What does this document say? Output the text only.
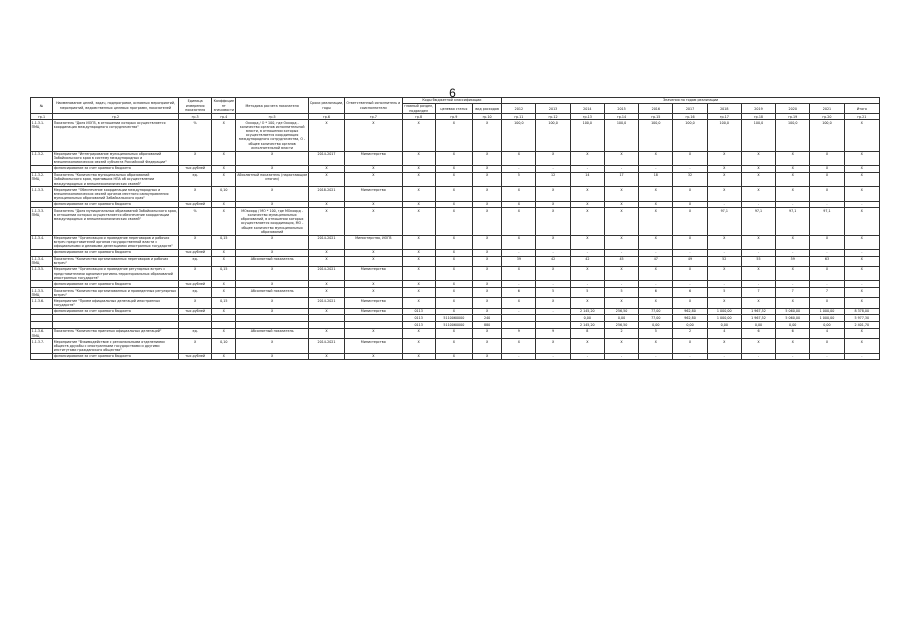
6
№	Наименование целей, задач, подпрограмм, основных мероприятий, мероприятий, ведомственных целевых программ, показателей	Единица измерения показателя	Коэффициент значимости	Методика расчета показателя	Сроки реализации, годы	Ответственный исполнитель и соисполнители	Коды бюджетной классификации			Значения по годам реализации										
							главный раздел, подраздел	целевая статья	вид расходов	2012	2013	2014	2015	2016	2017	2018	2019	2020	2021	Итого
гр.1	гр.2	гр.3	гр.4	гр.5	гр.6	гр.7	гр.8	гр.9	гр.10	гр.11	гр.12	гр.13	гр.14	гр.15	гр.16	гр.17	гр.18	гр.19	гр.20	гр.21
1.1.3.1. ПМЦ	Показатель "Доля ИОГВ, в отношении которых осуществляется координация международного сотрудничества"	%	X	Оккорд / О * 100, где Оккорд - количество органов исполнительной власти, в отношении которых осуществляется координация международного сотрудничества, О - общее количество органов исполнительной власти	X	X	X	X	X	100,0	100,0	100,0	100,0	100,0	100,0	100,0	100,0	100,0	100,0	X
1.1.3.2.	Мероприятие "Интегрирование муниципальных образований Забайкальского края в систему международных и внешнеэкономических связей субъекта Российской Федерации"	X	X	X	2014-2017	Министерство	X	X	X	X	X	X	X	X	X	X	X	X	X	X
	финансирование за счет краевого бюджета	тыс.рублей	X	X	X	X	X	X	X	-	-	-	-	-	-	X	X	X	X	X
1.1.3.2. ПМЦ	Показатель "Количество муниципальных образований Забайкальского края, принявших НПА об осуществлении международных и внешнеэкономических связей"	ед.	X	Абсолютный показатель (нарастающим итогом)	X	X	X	X	X	5	12	14	17	18	32	X	X	X	X	X
1.1.3.3.	Мероприятие "Обеспечение координации международных и внешнеэкономических связей органов местного самоуправления муниципальных образований Забайкальского края"	X	0,10	X	2018-2021	Министерство	X	X	X	X	X	X	X	X	X	X	X	X	X	X
	финансирование за счет краевого бюджета	тыс.рублей	X	X	X	X	X	X	X	X	X	X	X	X	X	-	-	-	-	-
1.1.3.3. ПМЦ	Показатель "Доля муниципальных образований Забайкальского края, в отношении которых осуществляется обеспечение координации международных и внешнеэкономических связей"	%	X	МОкоорд / МО * 100, где МОкоорд - количество муниципальных образований, в отношении которых осуществляется координация, МО - общее количество муниципальных образований	X	X	X	X	X	X	X	X	X	X	X	97,1	97,1	97,1	97,1	X
1.1.3.4.	Мероприятие "Организация и проведение переговоров и рабочих встреч представителей органов государственной власти с официальными и деловыми делегациями иностранных государств"	X	0,15	X	2014-2021	Министерство, ИОГВ	X	X	X	X	X	X	X	X	X	X	X	X	X	X
	финансирование за счет краевого бюджета	тыс.рублей	X	X	X	X	X	X	X	-	-	-	-	-	-	-	-	-	-	-
1.1.3.4. ПМЦ	Показатель "Количество организованных переговоров и рабочих встреч"	ед.	X	Абсолютный показатель	X	X	X	X	X	39	42	42	45	47	49	52	55	59	63	X
1.1.3.5.	Мероприятие "Организация и проведение регулярных встреч с представителями административно-территориальных образований иностранных государств"	X	0,15	X	2014-2021	Министерство	X	X	X	X	X	X	X	X	X	X	X	X	X	X
	финансирование за счет краевого бюджета	тыс.рублей	X	X	X	X	X	X	X	-	-	-	-	-	-	-	-	-	-	-
1.1.3.5. ПМЦ	Показатель "Количество организованных и проведенных регулярных встреч"	ед.	X	Абсолютный показатель	X	X	X	X	X	6	5	5	5	6	6	5	7	7	7	X
1.1.3.6.	Мероприятие "Прием официальных делегаций иностранных государств"	X	0,15	X	2014-2021	Министерство	X	X	X	X	X	X	X	X	X	X	X	X	X	X
	финансирование за счет краевого бюджета	тыс.рублей	X	X	X	Министерство	0113	X	X	-	-	2 145,20	256,50	77,00	962,80	1 000,00	1 967,52	5 060,00	1 000,00	8 378,00
							0113	5110060000	240			0,00	0,00	77,00	962,80	1 000,00	1 967,52	5 060,00	1 000,00	5 977,30
							0113	5110060000	880			2 145,20	256,50	0,00	0,00	0,00	0,00	0,00	0,00	2 401,70
1.1.3.6. ПМЦ	Показатель "Количество принятых официальных делегаций"	ед.	X	Абсолютный показатель	X	X	X	X	X	9	9	8	2	5	2	4	6	6	4	X
1.1.3.7.	Мероприятие "Взаимодействие с региональными отделениями обществ дружбы с иностранными государствами и другими институтами гражданского общества"	X	0,10	X	2014-2021	Министерство	X	X	X	X	X	X	X	X	X	X	X	X	X	X
	финансирование за счет краевого бюджета	тыс.рублей	X	X	X	X	X	X	X	-	-	-	-	-	-	-	-	-	-	-
